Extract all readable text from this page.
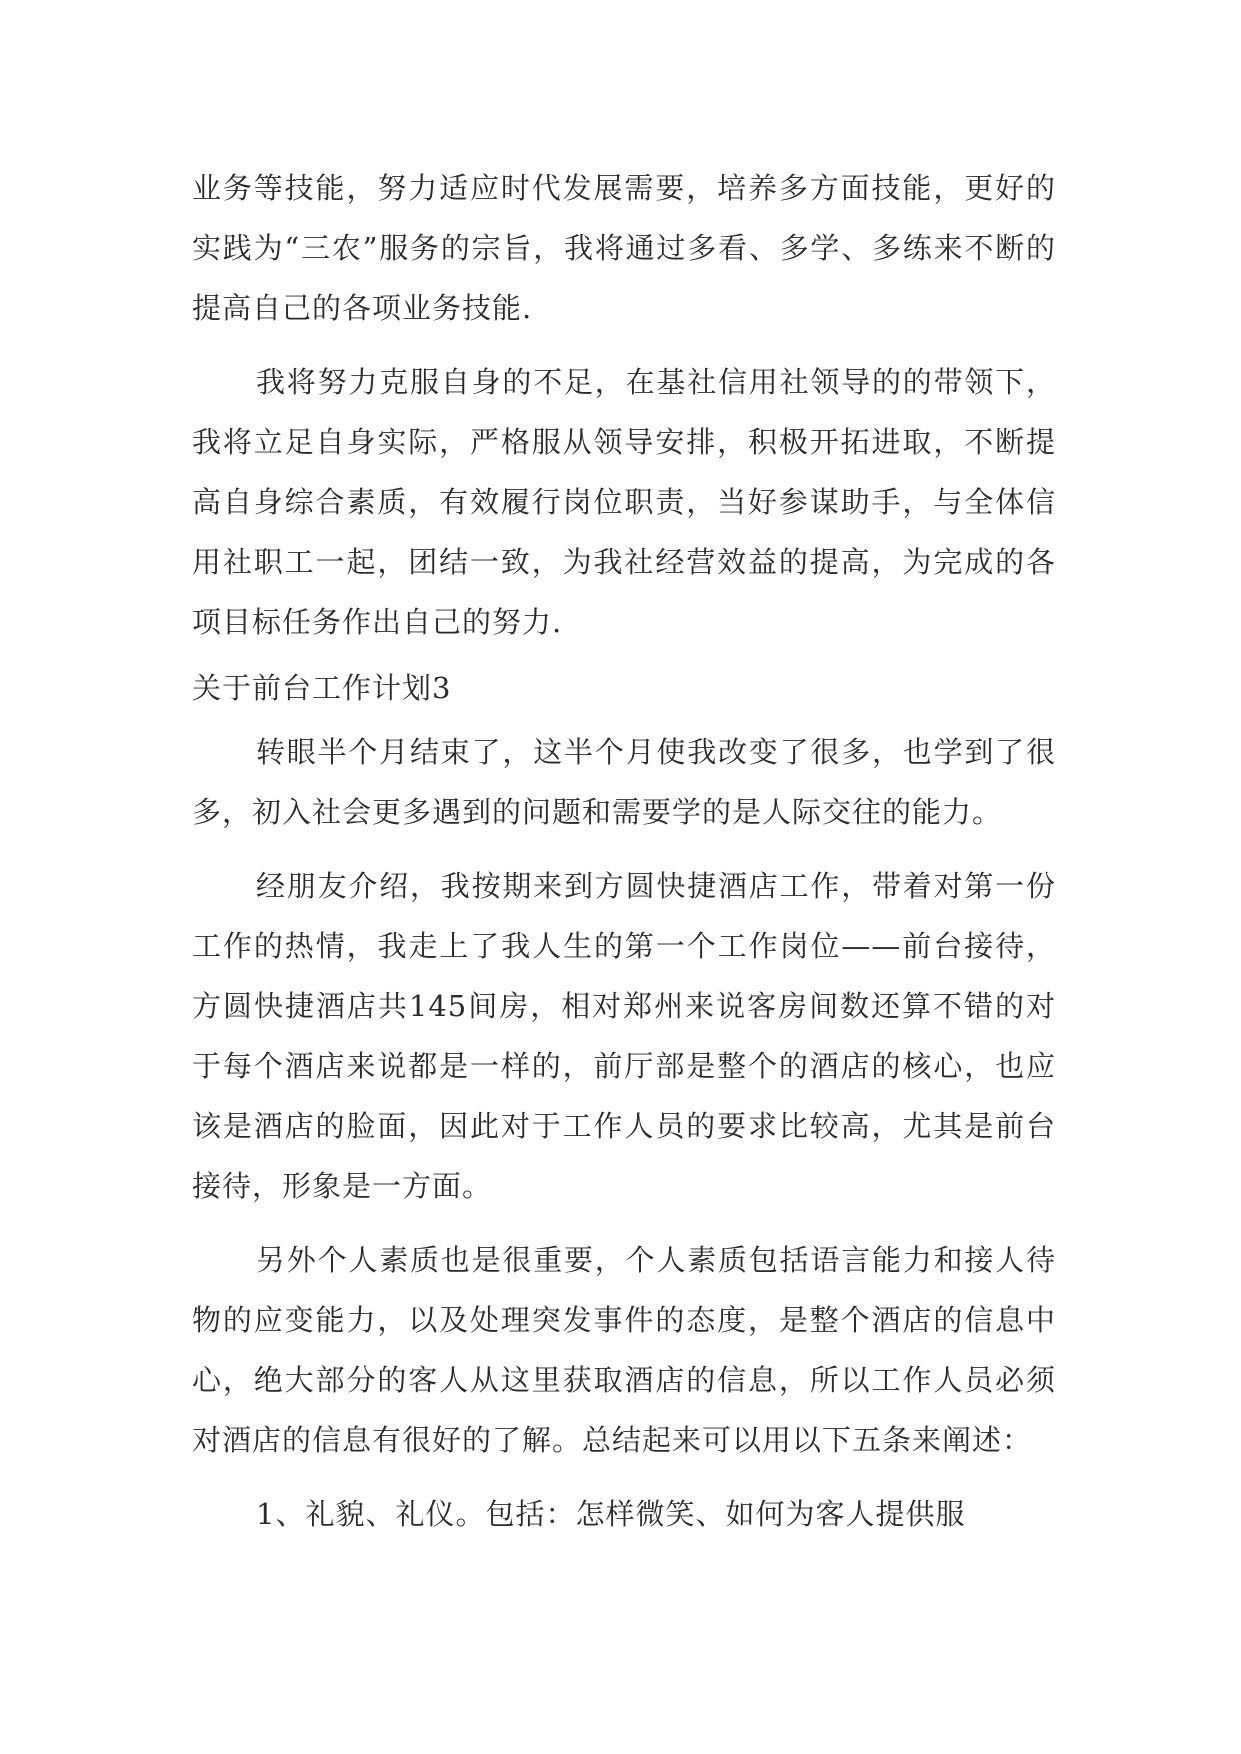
业务等技能，努力适应时代发展需要，培养多方面技能，更好的实践为“三农”服务的宗旨，我将通过多看、多学、多练来不断的提高自己的各项业务技能.

我将努力克服自身的不足，在基社信用社领导的的带领下，我将立足自身实际，严格服从领导安排，积极开拓进取，不断提高自身综合素质，有效履行岗位职责，当好参谋助手，与全体信用社职工一起，团结一致，为我社经营效益的提高，为完成的各项目标任务作出自己的努力.

关于前台工作计划3

转眼半个月结束了，这半个月使我改变了很多，也学到了很多，初入社会更多遇到的问题和需要学的是人际交往的能力。

经朋友介绍，我按期来到方圆快捷酒店工作，带着对第一份工作的热情，我走上了我人生的第一个工作岗位——前台接待，方圆快捷酒店共145间房，相对郑州来说客房间数还算不错的对于每个酒店来说都是一样的，前厅部是整个的酒店的核心，也应该是酒店的脸面，因此对于工作人员的要求比较高，尤其是前台接待，形象是一方面。

另外个人素质也是很重要，个人素质包括语言能力和接人待物的应变能力，以及处理突发事件的态度，是整个酒店的信息中心，绝大部分的客人从这里获取酒店的信息，所以工作人员必须对酒店的信息有很好的了解。总结起来可以用以下五条来阐述：

1、礼貌、礼仪。包括：怎样微笑、如何为客人提供服
